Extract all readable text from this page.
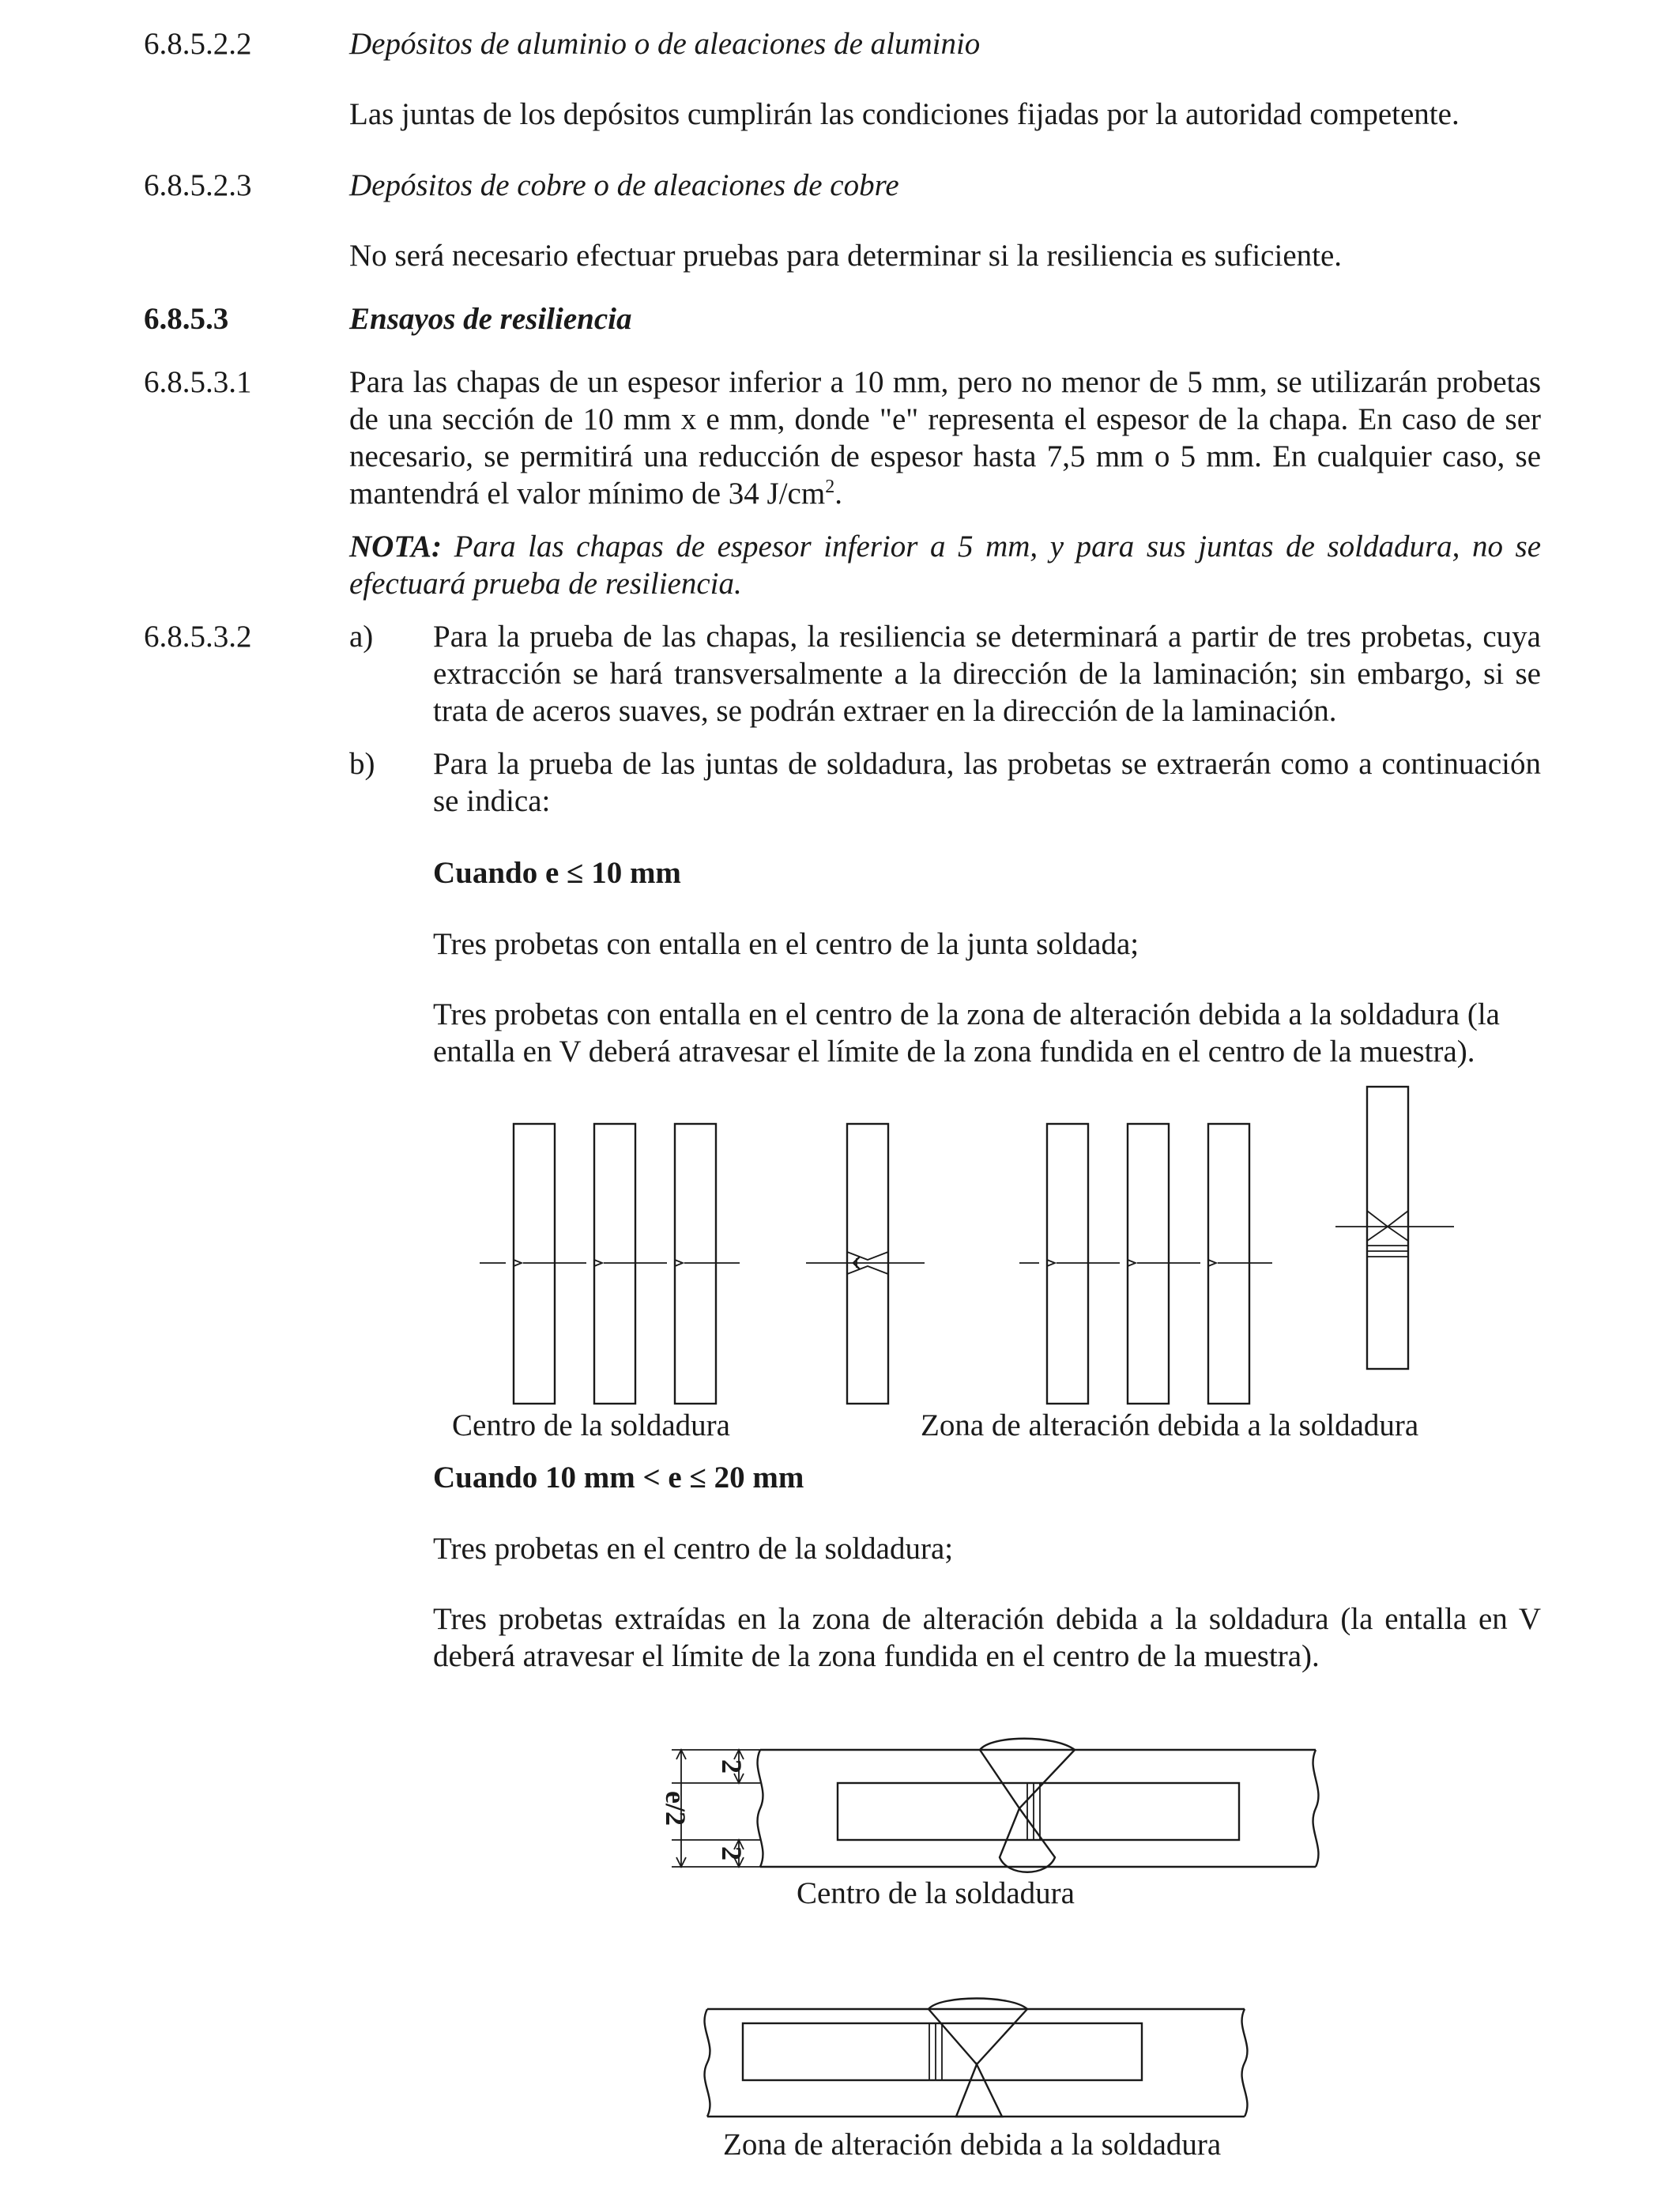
6.8.5.2.2	Depósitos de aluminio o de aleaciones de aluminio
Las juntas de los depósitos cumplirán las condiciones fijadas por la autoridad competente.
6.8.5.2.3	Depósitos de cobre o de aleaciones de cobre
No será necesario efectuar pruebas para determinar si la resiliencia es suficiente.
6.8.5.3	Ensayos de resiliencia
6.8.5.3.1	Para las chapas de un espesor inferior a 10 mm, pero no menor de 5 mm, se utilizarán probetas de una sección de 10 mm x e mm, donde "e" representa el espesor de la chapa. En caso de ser necesario, se permitirá una reducción de espesor hasta 7,5 mm o 5 mm. En cualquier caso, se mantendrá el valor mínimo de 34 $J/cm^2$.
NOTA: Para las chapas de espesor inferior a 5 mm, y para sus juntas de soldadura, no se efectuará prueba de resiliencia.
6.8.5.3.2	a) Para la prueba de las chapas, la resiliencia se determinará a partir de tres probetas, cuya extracción se hará transversalmente a la dirección de la laminación; sin embargo, si se trata de aceros suaves, se podrán extraer en la dirección de la laminación.
b) Para la prueba de las juntas de soldadura, las probetas se extraerán como a continuación se indica:
Cuando e ≤ 10 mm
Tres probetas con entalla en el centro de la junta soldada;
Tres probetas con entalla en el centro de la zona de alteración debida a la soldadura (la entalla en V deberá atravesar el límite de la zona fundida en el centro de la muestra).
Centro de la soldadura	Zona de alteración debida a la soldadura
Cuando 10 mm < e ≤ 20 mm
Tres probetas en el centro de la soldadura;
Tres probetas extraídas en la zona de alteración debida a la soldadura (la entalla en V deberá atravesar el límite de la zona fundida en el centro de la muestra).
2
e/2
2
Centro de la soldadura
Zona de alteración debida a la soldadura
